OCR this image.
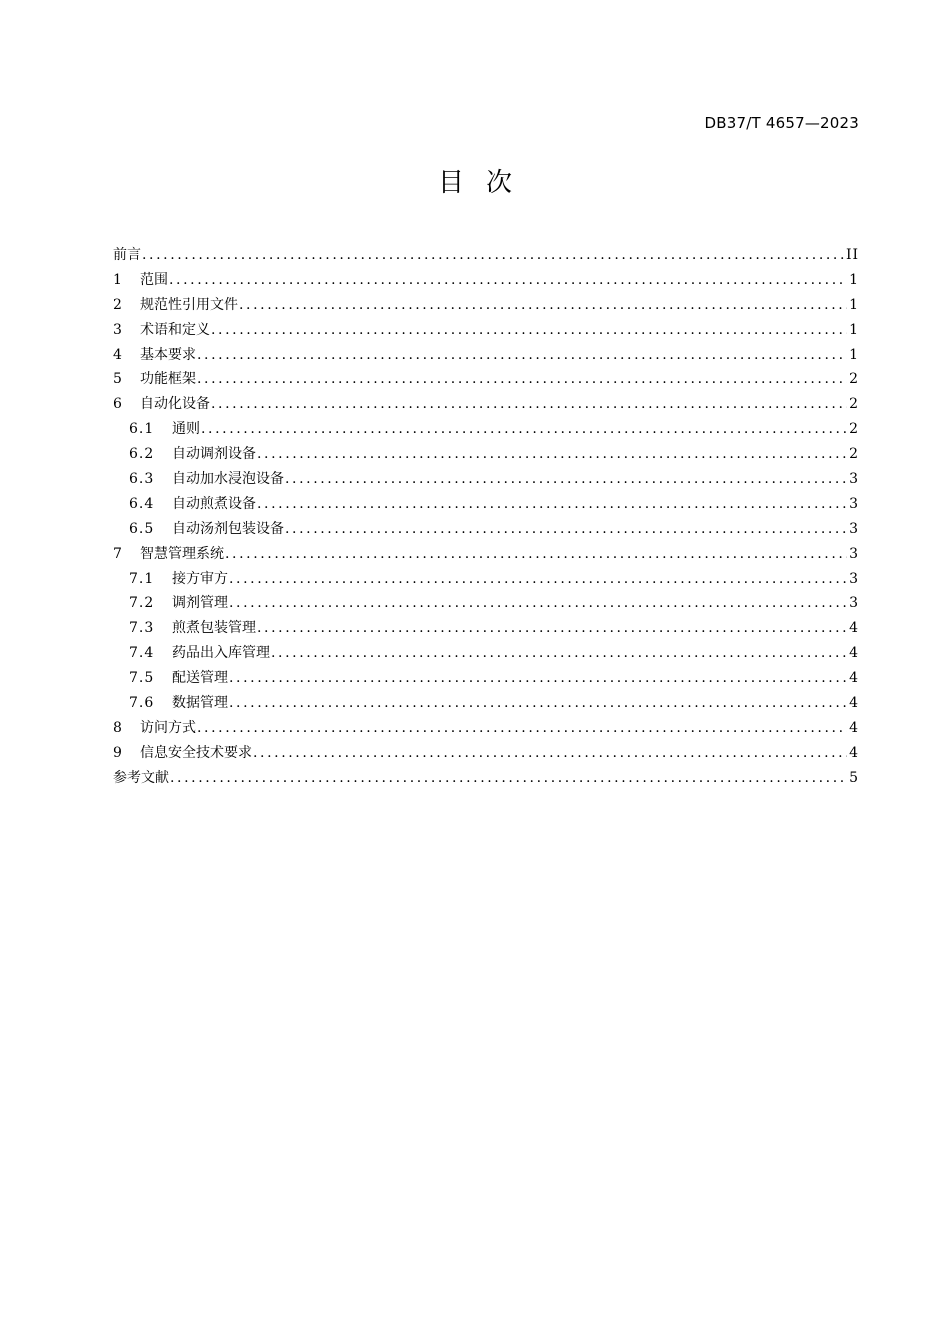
DB37/T 4657—2023
目次
前言 .....	II
1	范围 .....	1
2	规范性引用文件 .....	1
3	术语和定义 .....	1
4	基本要求 .....	1
5	功能框架 .....	2
6	自动化设备 .....	2
6.1	通则 .....	2
6.2	自动调剂设备 .....	2
6.3	自动加水浸泡设备 .....	3
6.4	自动煎煮设备 .....	3
6.5	自动汤剂包装设备 .....	3
7	智慧管理系统 .....	3
7.1	接方审方 .....	3
7.2	调剂管理 .....	3
7.3	煎煮包装管理 .....	4
7.4	药品出入库管理 .....	4
7.5	配送管理 .....	4
7.6	数据管理 .....	4
8	访问方式 .....	4
9	信息安全技术要求 .....	4
参考文献 .....	5
